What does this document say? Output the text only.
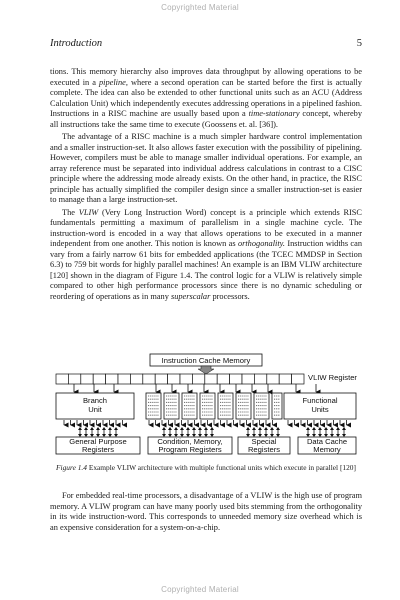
Copyrighted Material
Introduction	5

tions. This memory hierarchy also improves data throughput by allowing operations to be executed in a pipeline, where a second operation can be started before the first is actually complete. The idea can also be extended to other functional units such as an ACU (Address Calculation Unit) which independently executes addressing operations in a pipelined fashion. Instructions in a RISC machine are usually based upon a time-stationary concept, whereby all instructions take the same time to execute (Goossens et. al. [36]).

The advantage of a RISC machine is a much simpler hardware control implementation and a smaller instruction-set. It also allows faster execution with the possibility of pipelining. However, compilers must be able to manage smaller individual operations. For example, an array reference must be separated into individual address calculations in contrast to a CISC principle where the addressing mode already exists. On the other hand, in practice, the RISC principle has actually simplified the compiler design since a smaller instruction-set is easier to manage than a large instruction-set.

The VLIW (Very Long Instruction Word) concept is a principle which extends RISC fundamentals permitting a maximum of parallelism in a single machine cycle. The instruction-word is encoded in a way that allows operations to be executed in a manner independent from one another. This notion is known as orthogonality. Instruction widths can vary from a fairly narrow 61 bits for embedded applications (the TCEC MMDSP in Section 6.3) to 759 bit words for highly parallel machines! An example is an IBM VLIW architecture [120] shown in the diagram of Figure 1.4. The control logic for a VLIW is relatively simple compared to other high performance processors since there is no dynamic scheduling or reordering of operations as in many superscalar processors.

Instruction Cache Memory
VLIW Register
Branch
Unit
Functional
Units
General Purpose
Registers
Condition, Memory,
Program Registers
Special
Registers
Data Cache
Memory
Figure 1.4 Example VLIW architecture with multiple functional units which execute in parallel [120]

For embedded real-time processors, a disadvantage of a VLIW is the high use of program memory. A VLIW program can have many poorly used bits stemming from the orthogonality in its wide instruction-word. This corresponds to unneeded memory size overhead which is an expensive consideration for a system-on-a-chip.

Copyrighted Material
